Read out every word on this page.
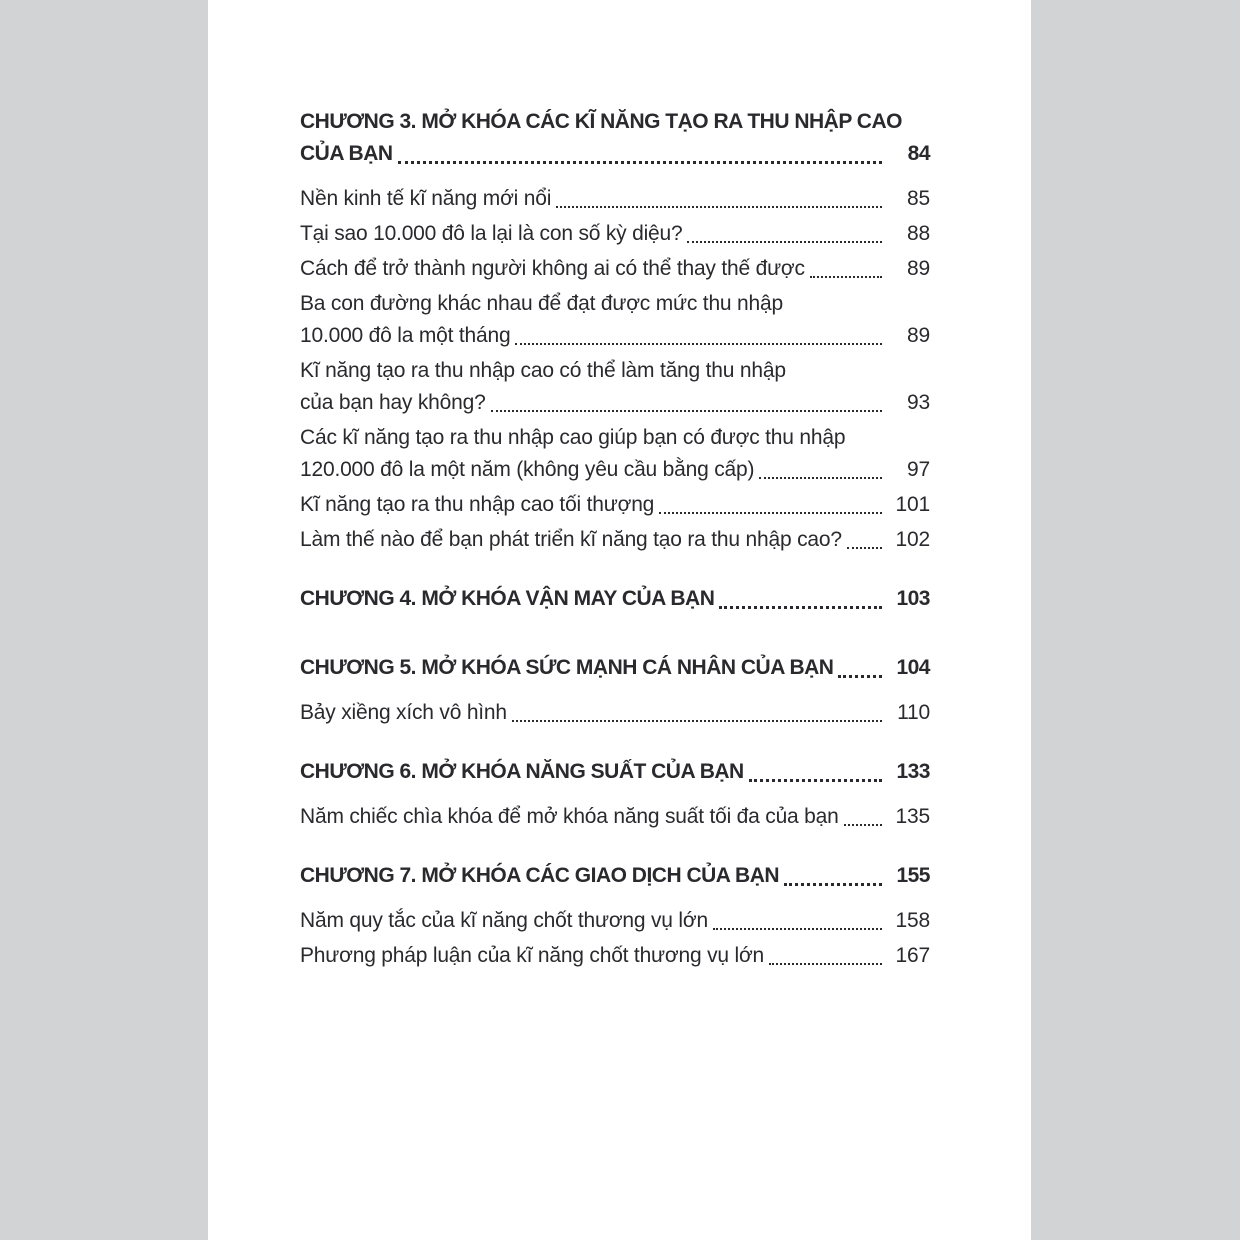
CHƯƠNG 3. MỞ KHÓA CÁC KĨ NĂNG TẠO RA THU NHẬP CAO
CỦA BẠN	84
Nền kinh tế kĩ năng mới nổi	85
Tại sao 10.000 đô la lại là con số kỳ diệu?	88
Cách để trở thành người không ai có thể thay thế được	89
Ba con đường khác nhau để đạt được mức thu nhập
10.000 đô la một tháng	89
Kĩ năng tạo ra thu nhập cao có thể làm tăng thu nhập
của bạn hay không?	93
Các kĩ năng tạo ra thu nhập cao giúp bạn có được thu nhập
120.000 đô la một năm (không yêu cầu bằng cấp)	97
Kĩ năng tạo ra thu nhập cao tối thượng	101
Làm thế nào để bạn phát triển kĩ năng tạo ra thu nhập cao?	102
CHƯƠNG 4. MỞ KHÓA VẬN MAY CỦA BẠN	103
CHƯƠNG 5. MỞ KHÓA SỨC MẠNH CÁ NHÂN CỦA BẠN	104
Bảy xiềng xích vô hình	110
CHƯƠNG 6. MỞ KHÓA NĂNG SUẤT CỦA BẠN	133
Năm chiếc chìa khóa để mở khóa năng suất tối đa của bạn	135
CHƯƠNG 7. MỞ KHÓA CÁC GIAO DỊCH CỦA BẠN	155
Năm quy tắc của kĩ năng chốt thương vụ lớn	158
Phương pháp luận của kĩ năng chốt thương vụ lớn	167
